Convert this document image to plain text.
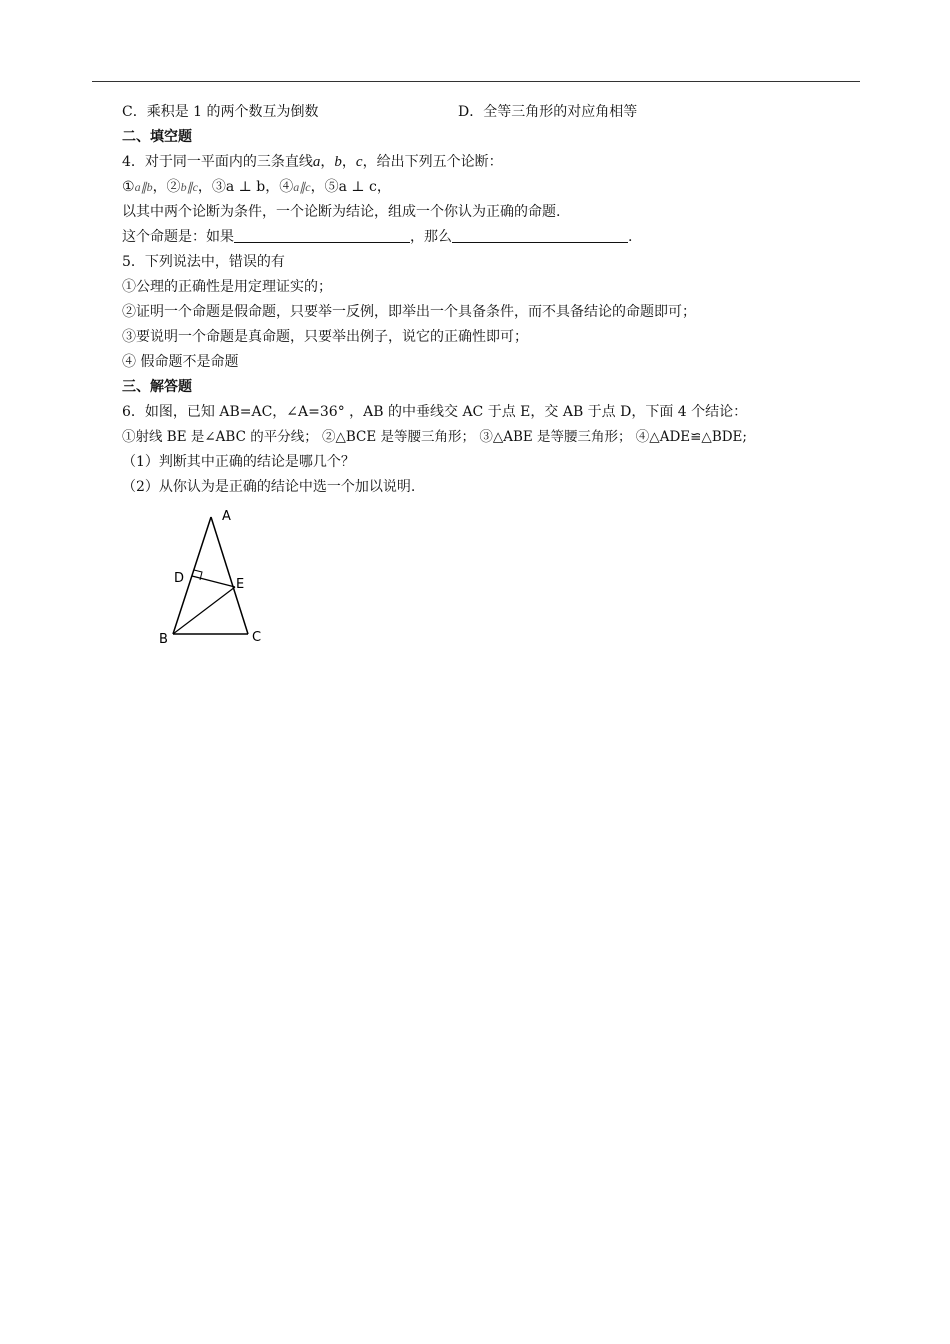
C．乘积是 1 的两个数互为倒数	D．全等三角形的对应角相等
二、填空题
4．对于同一平面内的三条直线a，b，c，给出下列五个论断：
①a∥b，②b∥c，③a ⊥ b，④a∥c，⑤a ⊥ c，
以其中两个论断为条件，一个论断为结论，组成一个你认为正确的命题.
这个命题是：如果	，那么	.
5．下列说法中，错误的有
①公理的正确性是用定理证实的；
②证明一个命题是假命题，只要举一反例，即举出一个具备条件，而不具备结论的命题即可；
③要说明一个命题是真命题，只要举出例子，说它的正确性即可；
④ 假命题不是命题
三、解答题
6．如图，已知 AB=AC，∠A=36° ，AB 的中垂线交 AC 于点 E，交 AB 于点 D，下面 4 个结论：
①射线 BE 是∠ABC 的平分线； ②△BCE 是等腰三角形； ③△ABE 是等腰三角形； ④△ADE≌△BDE;
（1）判断其中正确的结论是哪几个？
（2）从你认为是正确的结论中选一个加以说明.
A
D	E
B	C
